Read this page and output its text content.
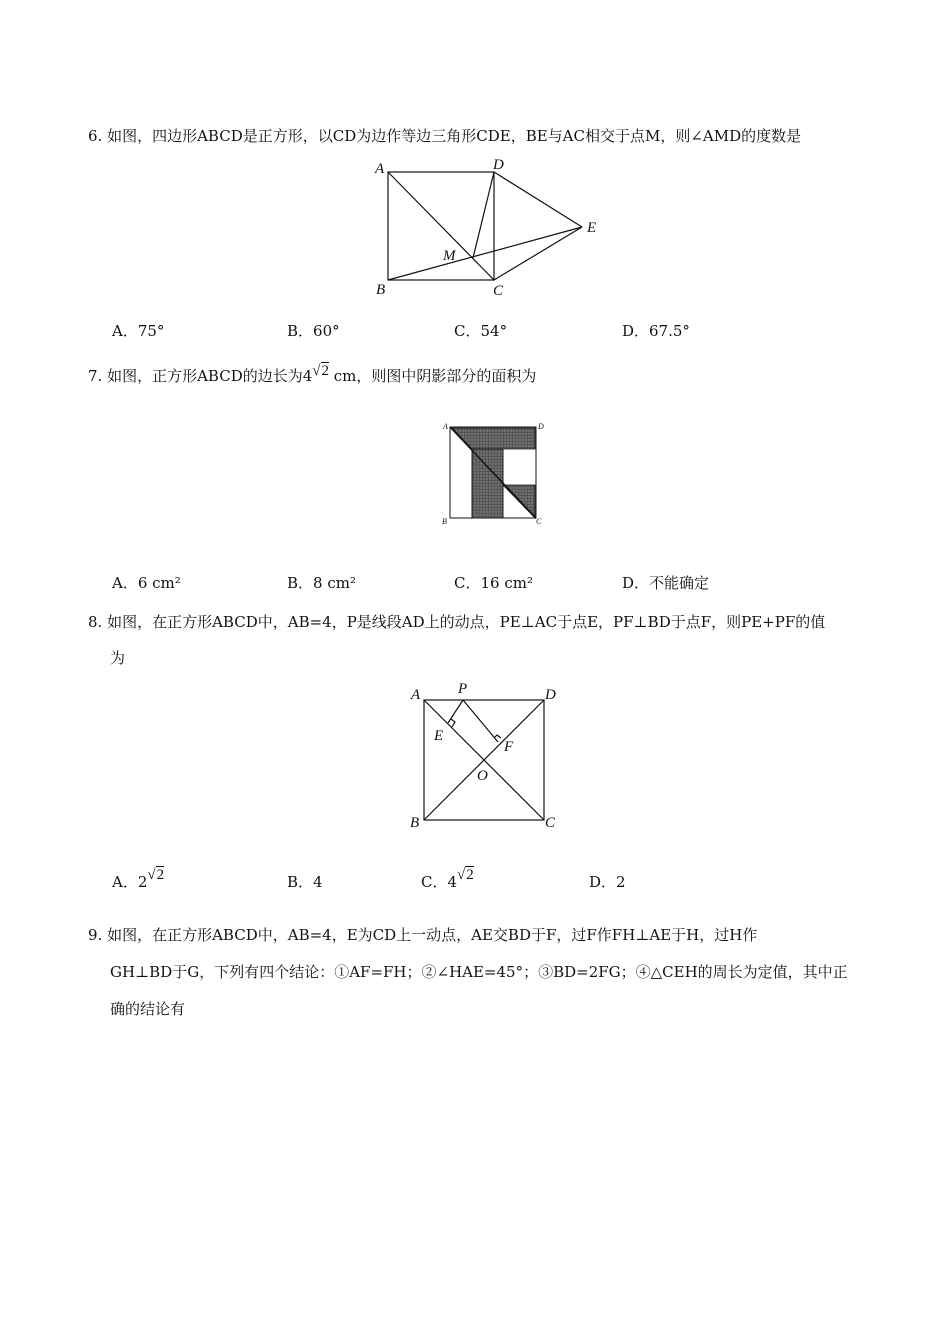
6. 如图，四边形ABCD是正方形，以CD为边作等边三角形CDE，BE与AC相交于点M，则∠AMD的度数是
A	D
B	C
E
M
A．75°	B．60°	C．54°	D．67.5°
7. 如图，正方形ABCD的边长为4√2 cm，则图中阴影部分的面积为
A	D
B	C
A．6 cm²	B．8 cm²	C．16 cm²	D．不能确定
8. 如图，在正方形ABCD中，AB=4，P是线段AD上的动点，PE⊥AC于点E，PF⊥BD于点F，则PE+PF的值
为
A	P	D
E
F
O
B	C
A．2√2	B．4	C．4√2	D．2
9. 如图，在正方形ABCD中，AB=4，E为CD上一动点，AE交BD于F，过F作FH⊥AE于H，过H作
GH⊥BD于G，下列有四个结论：①AF=FH；②∠HAE=45°；③BD=2FG；④△CEH的周长为定值，其中正
确的结论有
